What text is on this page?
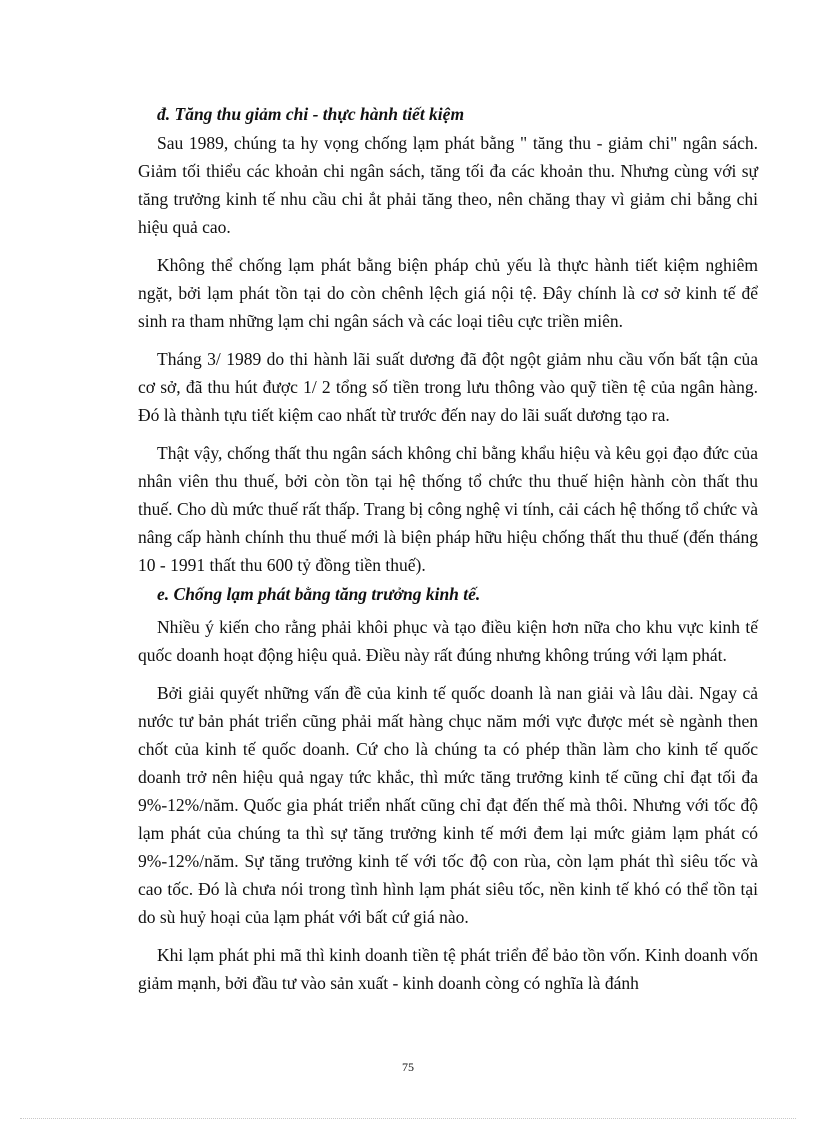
đ. Tăng thu giảm chi - thực hành tiết kiệm

Sau 1989, chúng ta hy vọng chống lạm phát bằng " tăng thu - giảm chi" ngân sách. Giảm tối thiểu các khoản chi ngân sách, tăng tối đa các khoản thu. Nhưng cùng với sự tăng trưởng kinh tế nhu cầu chi ắt phải tăng theo, nên chăng thay vì giảm chi bằng chi hiệu quả cao.

Không thể chống lạm phát bằng biện pháp chủ yếu là thực hành tiết kiệm nghiêm ngặt, bởi lạm phát tồn tại do còn chênh lệch giá nội tệ. Đây chính là cơ sở kinh tế để sinh ra tham những lạm chi ngân sách và các loại tiêu cực triền miên.

Tháng 3/ 1989 do thi hành lãi suất dương đã đột ngột giảm nhu cầu vốn bất tận của cơ sở, đã thu hút được 1/ 2 tổng số tiền trong lưu thông vào quỹ tiền tệ của ngân hàng. Đó là thành tựu tiết kiệm cao nhất từ trước đến nay do lãi suất dương tạo ra.

Thật vậy, chống thất thu ngân sách không chỉ bằng khẩu hiệu và kêu gọi đạo đức của nhân viên thu thuế, bởi còn tồn tại hệ thống tổ chức thu thuế hiện hành còn thất thu thuế. Cho dù mức thuế rất thấp. Trang bị công nghệ vi tính, cải cách hệ thống tổ chức và nâng cấp hành chính thu thuế mới là biện pháp hữu hiệu chống thất thu thuế (đến tháng 10 - 1991 thất thu 600 tỷ đồng tiền thuế).

e. Chống lạm phát bằng tăng trưởng kinh tế.

Nhiều ý kiến cho rằng phải khôi phục và tạo điều kiện hơn nữa cho khu vực kinh tế quốc doanh hoạt động hiệu quả. Điều này rất đúng nhưng không trúng với lạm phát.

Bởi giải quyết những vấn đề của kinh tế quốc doanh là nan giải và lâu dài. Ngay cả nước tư bản phát triển cũng phải mất hàng chục năm mới vực được mét sè ngành then chốt của kinh tế quốc doanh. Cứ cho là chúng ta có phép thần làm cho kinh tế quốc doanh trở nên hiệu quả ngay tức khắc, thì mức tăng trưởng kinh tế cũng chỉ đạt tối đa 9%-12%/năm. Quốc gia phát triển nhất cũng chỉ đạt đến thế mà thôi. Nhưng với tốc độ lạm phát của chúng ta thì sự tăng trưởng kinh tế mới đem lại mức giảm lạm phát có 9%-12%/năm. Sự tăng trưởng kinh tế với tốc độ con rùa, còn lạm phát thì siêu tốc và cao tốc. Đó là chưa nói trong tình hình lạm phát siêu tốc, nền kinh tế khó có thể tồn tại do sù huỷ hoại của lạm phát với bất cứ giá nào.

Khi lạm phát phi mã thì kinh doanh tiền tệ phát triển để bảo tồn vốn. Kinh doanh vốn giảm mạnh, bởi đầu tư vào sản xuất - kinh doanh còng có nghĩa là đánh

75
